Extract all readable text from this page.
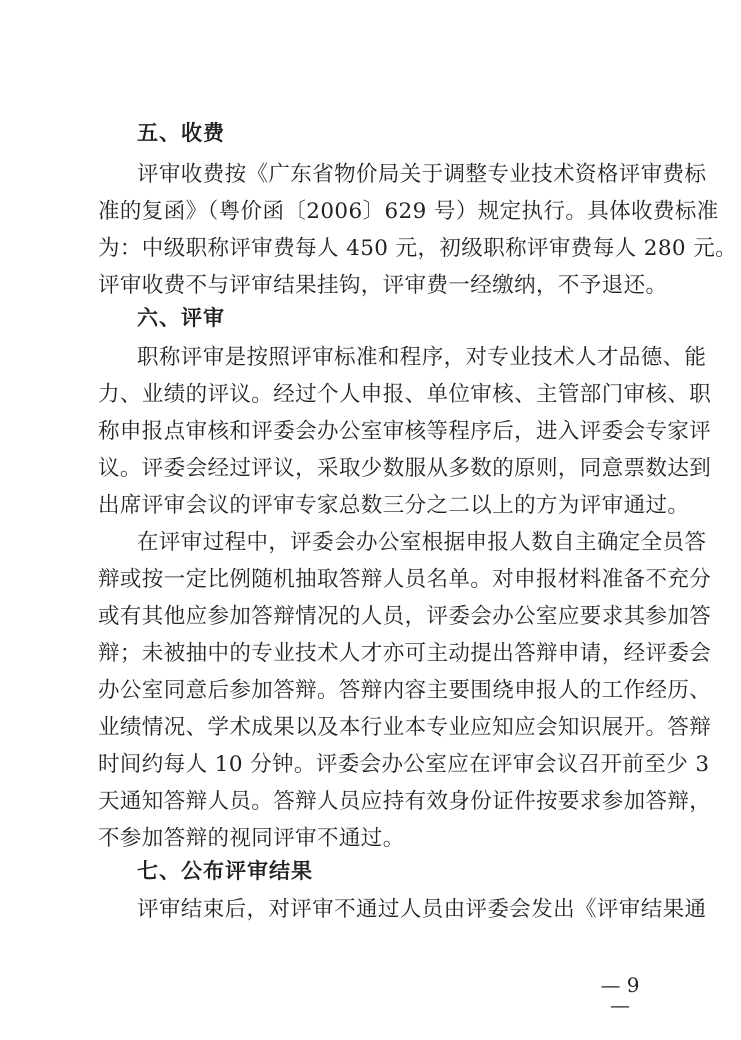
五、收费
评审收费按《广东省物价局关于调整专业技术资格评审费标
准的复函》（粤价函〔2006〕629 号）规定执行。具体收费标准
为：中级职称评审费每人 450 元，初级职称评审费每人 280 元。
评审收费不与评审结果挂钩，评审费一经缴纳，不予退还。
六、评审
职称评审是按照评审标准和程序，对专业技术人才品德、能
力、业绩的评议。经过个人申报、单位审核、主管部门审核、职
称申报点审核和评委会办公室审核等程序后，进入评委会专家评
议。评委会经过评议，采取少数服从多数的原则，同意票数达到
出席评审会议的评审专家总数三分之二以上的方为评审通过。
在评审过程中，评委会办公室根据申报人数自主确定全员答
辩或按一定比例随机抽取答辩人员名单。对申报材料准备不充分
或有其他应参加答辩情况的人员，评委会办公室应要求其参加答
辩；未被抽中的专业技术人才亦可主动提出答辩申请，经评委会
办公室同意后参加答辩。答辩内容主要围绕申报人的工作经历、
业绩情况、学术成果以及本行业本专业应知应会知识展开。答辩
时间约每人 10 分钟。评委会办公室应在评审会议召开前至少 3
天通知答辩人员。答辩人员应持有效身份证件按要求参加答辩，
不参加答辩的视同评审不通过。
七、公布评审结果
评审结束后，对评审不通过人员由评委会发出《评审结果通
— 9 —
